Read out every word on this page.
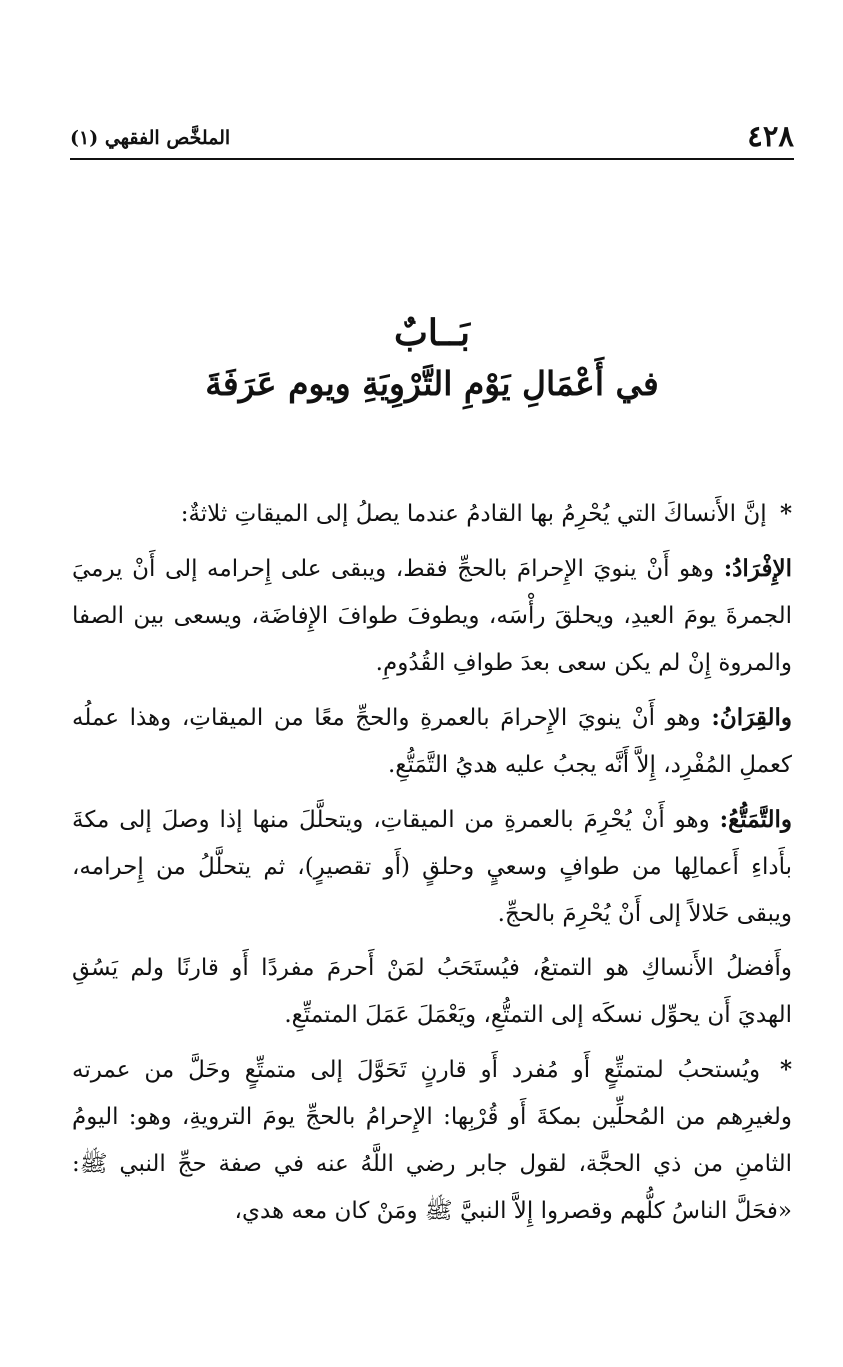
٤٢٨
الملخَّص الفقهي (١)
بَــابٌ
في أَعْمَالِ يَوْمِ التَّرْوِيَةِ ويوم عَرَفَةَ

* إنَّ الأَنساكَ التي يُحْرِمُ بها القادمُ عندما يصلُ إلى الميقاتِ ثلاثةٌ:

الإِفْرَادُ: وهو أَنْ ينويَ الإِحرامَ بالحجِّ فقط، ويبقى على إِحرامه إلى أَنْ يرميَ الجمرةَ يومَ العيدِ، ويحلقَ رأْسَه، ويطوفَ طوافَ الإِفاضَة، ويسعى بين الصفا والمروة إِنْ لم يكن سعى بعدَ طوافِ القُدُومِ.

والقِرَانُ: وهو أَنْ ينويَ الإِحرامَ بالعمرةِ والحجِّ معًا من الميقاتِ، وهذا عملُه كعملِ المُفْرِد، إِلاَّ أَنَّه يجبُ عليه هديُ التَّمَتُّعِ.

والتَّمَتُّعُ: وهو أَنْ يُحْرِمَ بالعمرةِ من الميقاتِ، ويتحلَّلَ منها إذا وصلَ إلى مكةَ بأَداءِ أَعمالِها من طوافٍ وسعيٍ وحلقٍ (أَو تقصيرٍ)، ثم يتحلَّلُ من إِحرامه، ويبقى حَلالاً إلى أَنْ يُحْرِمَ بالحجِّ.

وأَفضلُ الأَنساكِ هو التمتعُ، فيُستَحَبُ لمَنْ أَحرمَ مفردًا أَو قارنًا ولم يَسُقِ الهديَ أَن يحوِّل نسكَه إلى التمتُّعِ، ويَعْمَلَ عَمَلَ المتمتِّعِ.

* ويُستحبُ لمتمتِّعٍ أَو مُفرد أَو قارنٍ تَحَوَّلَ إلى متمتِّعٍ وحَلَّ من عمرته ولغيرِهم من المُحلِّين بمكةَ أَو قُرْبِها: الإِحرامُ بالحجِّ يومَ الترويةِ، وهو: اليومُ الثامنِ من ذي الحجَّة، لقول جابر رضي اللَّهُ عنه في صفة حجِّ النبي ﷺ: «فحَلَّ الناسُ كلُّهم وقصروا إِلاَّ النبيَّ ﷺ ومَنْ كان معه هدي،
